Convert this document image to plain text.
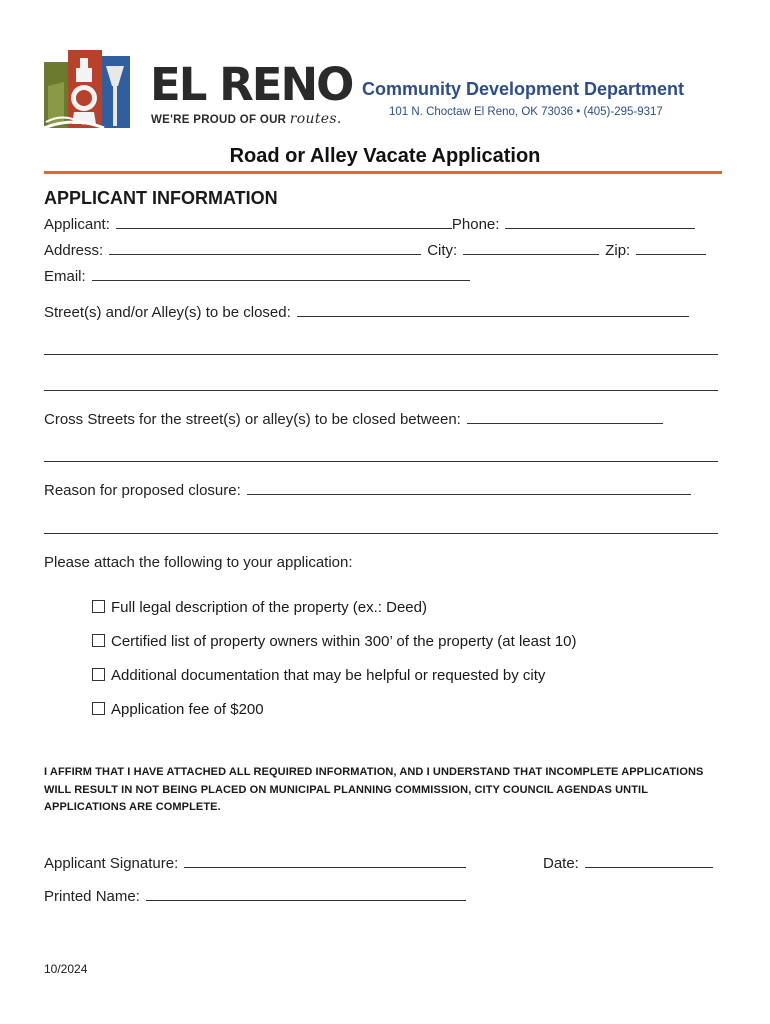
EL RENO
WE'RE PROUD OF OUR routes.
Community Development Department
101 N. Choctaw El Reno, OK 73036 • (405)-295-9317
Road or Alley Vacate Application
APPLICANT INFORMATION
Applicant:	Phone:
Address:	City:	Zip:
Email:
Street(s) and/or Alley(s) to be closed:
Cross Streets for the street(s) or alley(s) to be closed between:
Reason for proposed closure:
Please attach the following to your application:
Full legal description of the property (ex.: Deed)
Certified list of property owners within 300’ of the property (at least 10)
Additional documentation that may be helpful or requested by city
Application fee of $200
I AFFIRM THAT I HAVE ATTACHED ALL REQUIRED INFORMATION, AND I UNDERSTAND THAT INCOMPLETE APPLICATIONS WILL RESULT IN NOT BEING PLACED ON MUNICIPAL PLANNING COMMISSION, CITY COUNCIL AGENDAS UNTIL APPLICATIONS ARE COMPLETE.
Applicant Signature:	Date:
Printed Name:
10/2024
